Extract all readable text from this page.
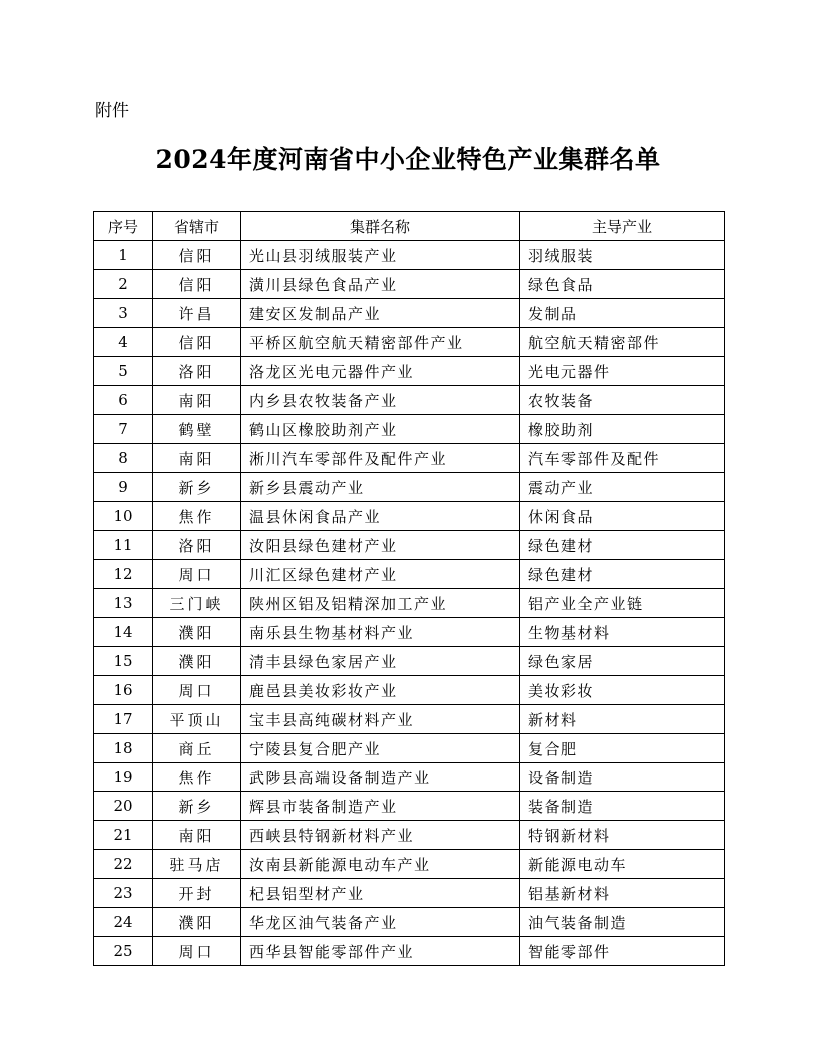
附件
2024年度河南省中小企业特色产业集群名单
序号	省辖市	集群名称	主导产业
1	信阳	光山县羽绒服装产业	羽绒服装
2	信阳	潢川县绿色食品产业	绿色食品
3	许昌	建安区发制品产业	发制品
4	信阳	平桥区航空航天精密部件产业	航空航天精密部件
5	洛阳	洛龙区光电元器件产业	光电元器件
6	南阳	内乡县农牧装备产业	农牧装备
7	鹤壁	鹤山区橡胶助剂产业	橡胶助剂
8	南阳	淅川汽车零部件及配件产业	汽车零部件及配件
9	新乡	新乡县震动产业	震动产业
10	焦作	温县休闲食品产业	休闲食品
11	洛阳	汝阳县绿色建材产业	绿色建材
12	周口	川汇区绿色建材产业	绿色建材
13	三门峡	陕州区铝及铝精深加工产业	铝产业全产业链
14	濮阳	南乐县生物基材料产业	生物基材料
15	濮阳	清丰县绿色家居产业	绿色家居
16	周口	鹿邑县美妆彩妆产业	美妆彩妆
17	平顶山	宝丰县高纯碳材料产业	新材料
18	商丘	宁陵县复合肥产业	复合肥
19	焦作	武陟县高端设备制造产业	设备制造
20	新乡	辉县市装备制造产业	装备制造
21	南阳	西峡县特钢新材料产业	特钢新材料
22	驻马店	汝南县新能源电动车产业	新能源电动车
23	开封	杞县铝型材产业	铝基新材料
24	濮阳	华龙区油气装备产业	油气装备制造
25	周口	西华县智能零部件产业	智能零部件
